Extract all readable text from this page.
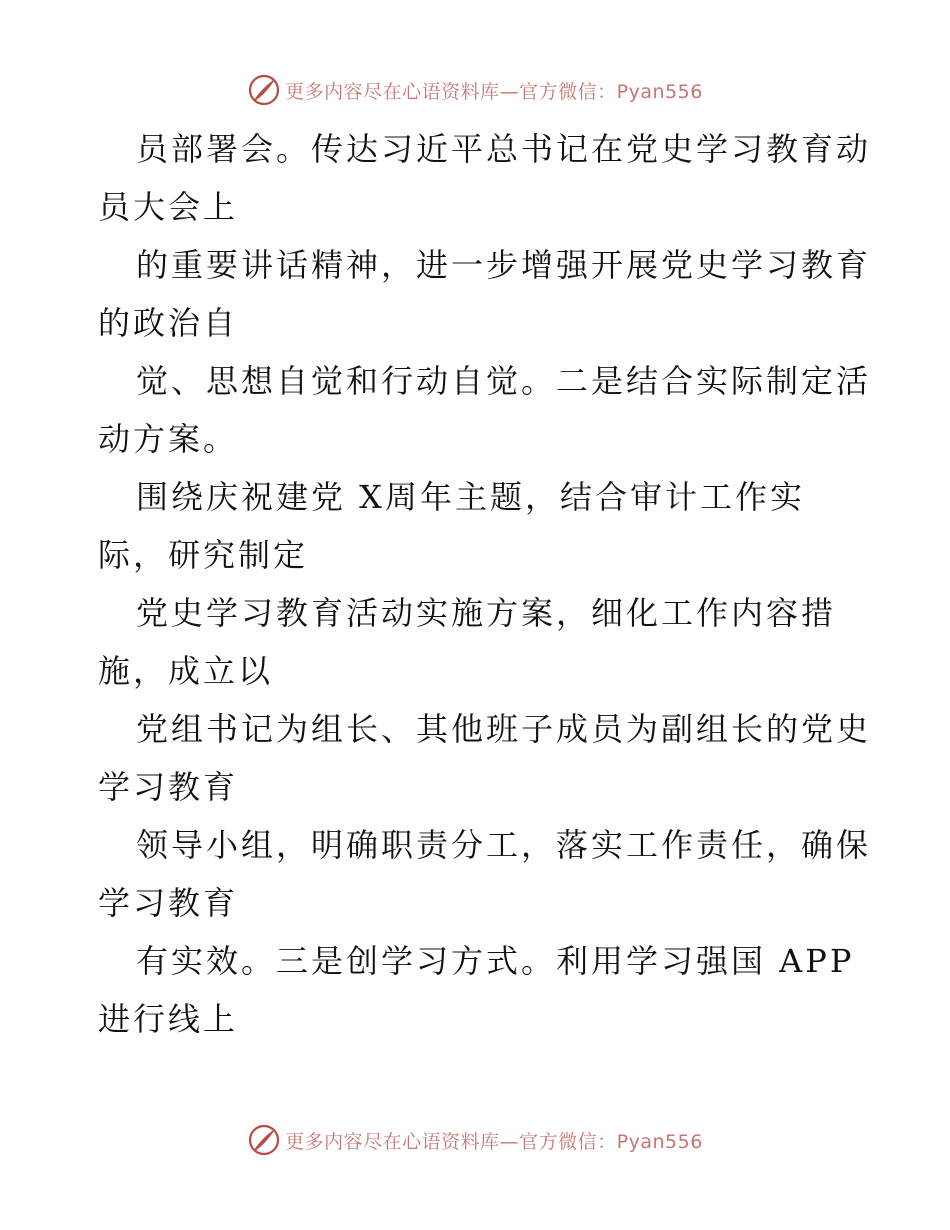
更多内容尽在心语资料库—官方微信：Pyan556
员部署会。传达习近平总书记在党史学习教育动
员大会上
的重要讲话精神，进一步增强开展党史学习教育
的政治自
觉、思想自觉和行动自觉。二是结合实际制定活
动方案。
围绕庆祝建党 X周年主题，结合审计工作实
际，研究制定
党史学习教育活动实施方案，细化工作内容措
施，成立以
党组书记为组长、其他班子成员为副组长的党史
学习教育
领导小组，明确职责分工，落实工作责任，确保
学习教育
有实效。三是创学习方式。利用学习强国 APP
进行线上
更多内容尽在心语资料库—官方微信：Pyan556
